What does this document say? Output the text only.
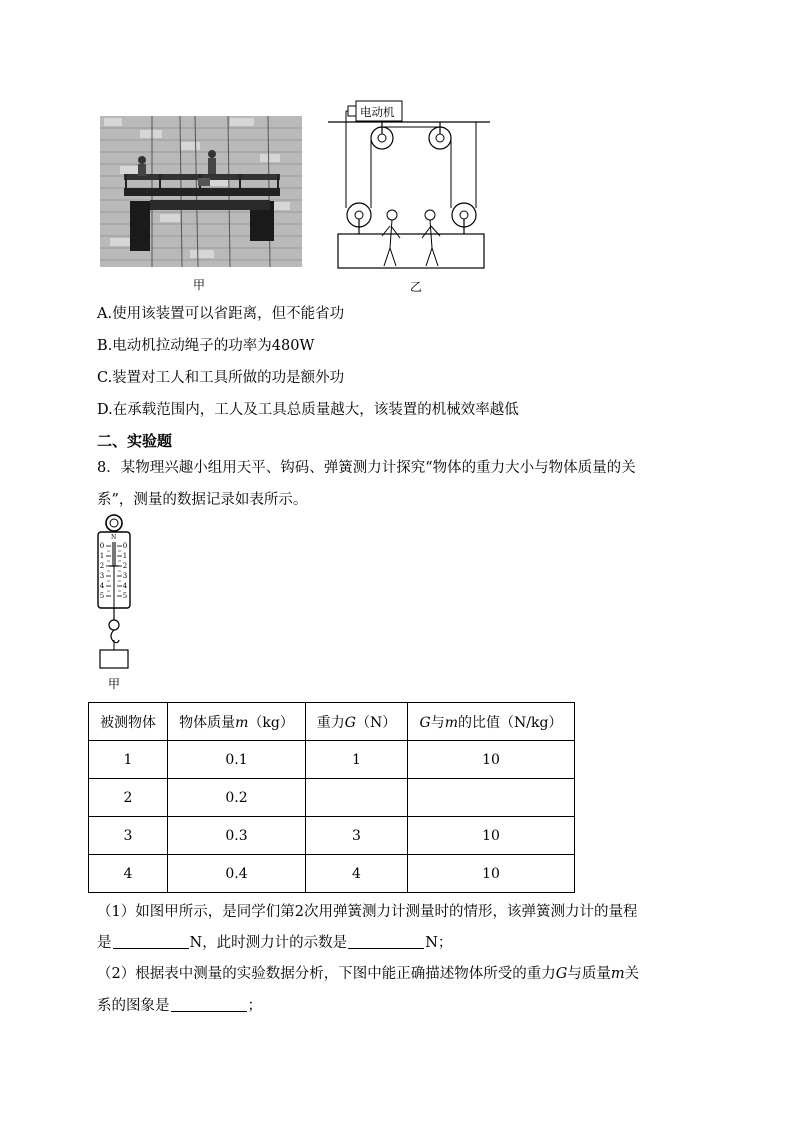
甲
电动机
乙
A.使用该装置可以省距离，但不能省功
B.电动机拉动绳子的功率为480W
C.装置对工人和工具所做的功是额外功
D.在承载范围内，工人及工具总质量越大，该装置的机械效率越低
二、实验题
8．某物理兴趣小组用天平、钩码、弹簧测力计探究“物体的重力大小与物体质量的关
系”，测量的数据记录如表所示。
N
0
1
2
3
4
5
0
1
2
3
4
5
甲
被测物体	物体质量m（kg）	重力G（N）	G与m的比值（N/kg）
1	0.1	1	10
2	0.2		
3	0.3	3	10
4	0.4	4	10
（1）如图甲所示，是同学们第2次用弹簧测力计测量时的情形，该弹簧测力计的量程
是	N，此时测力计的示数是	N；
（2）根据表中测量的实验数据分析，下图中能正确描述物体所受的重力G与质量m关
系的图象是	；
